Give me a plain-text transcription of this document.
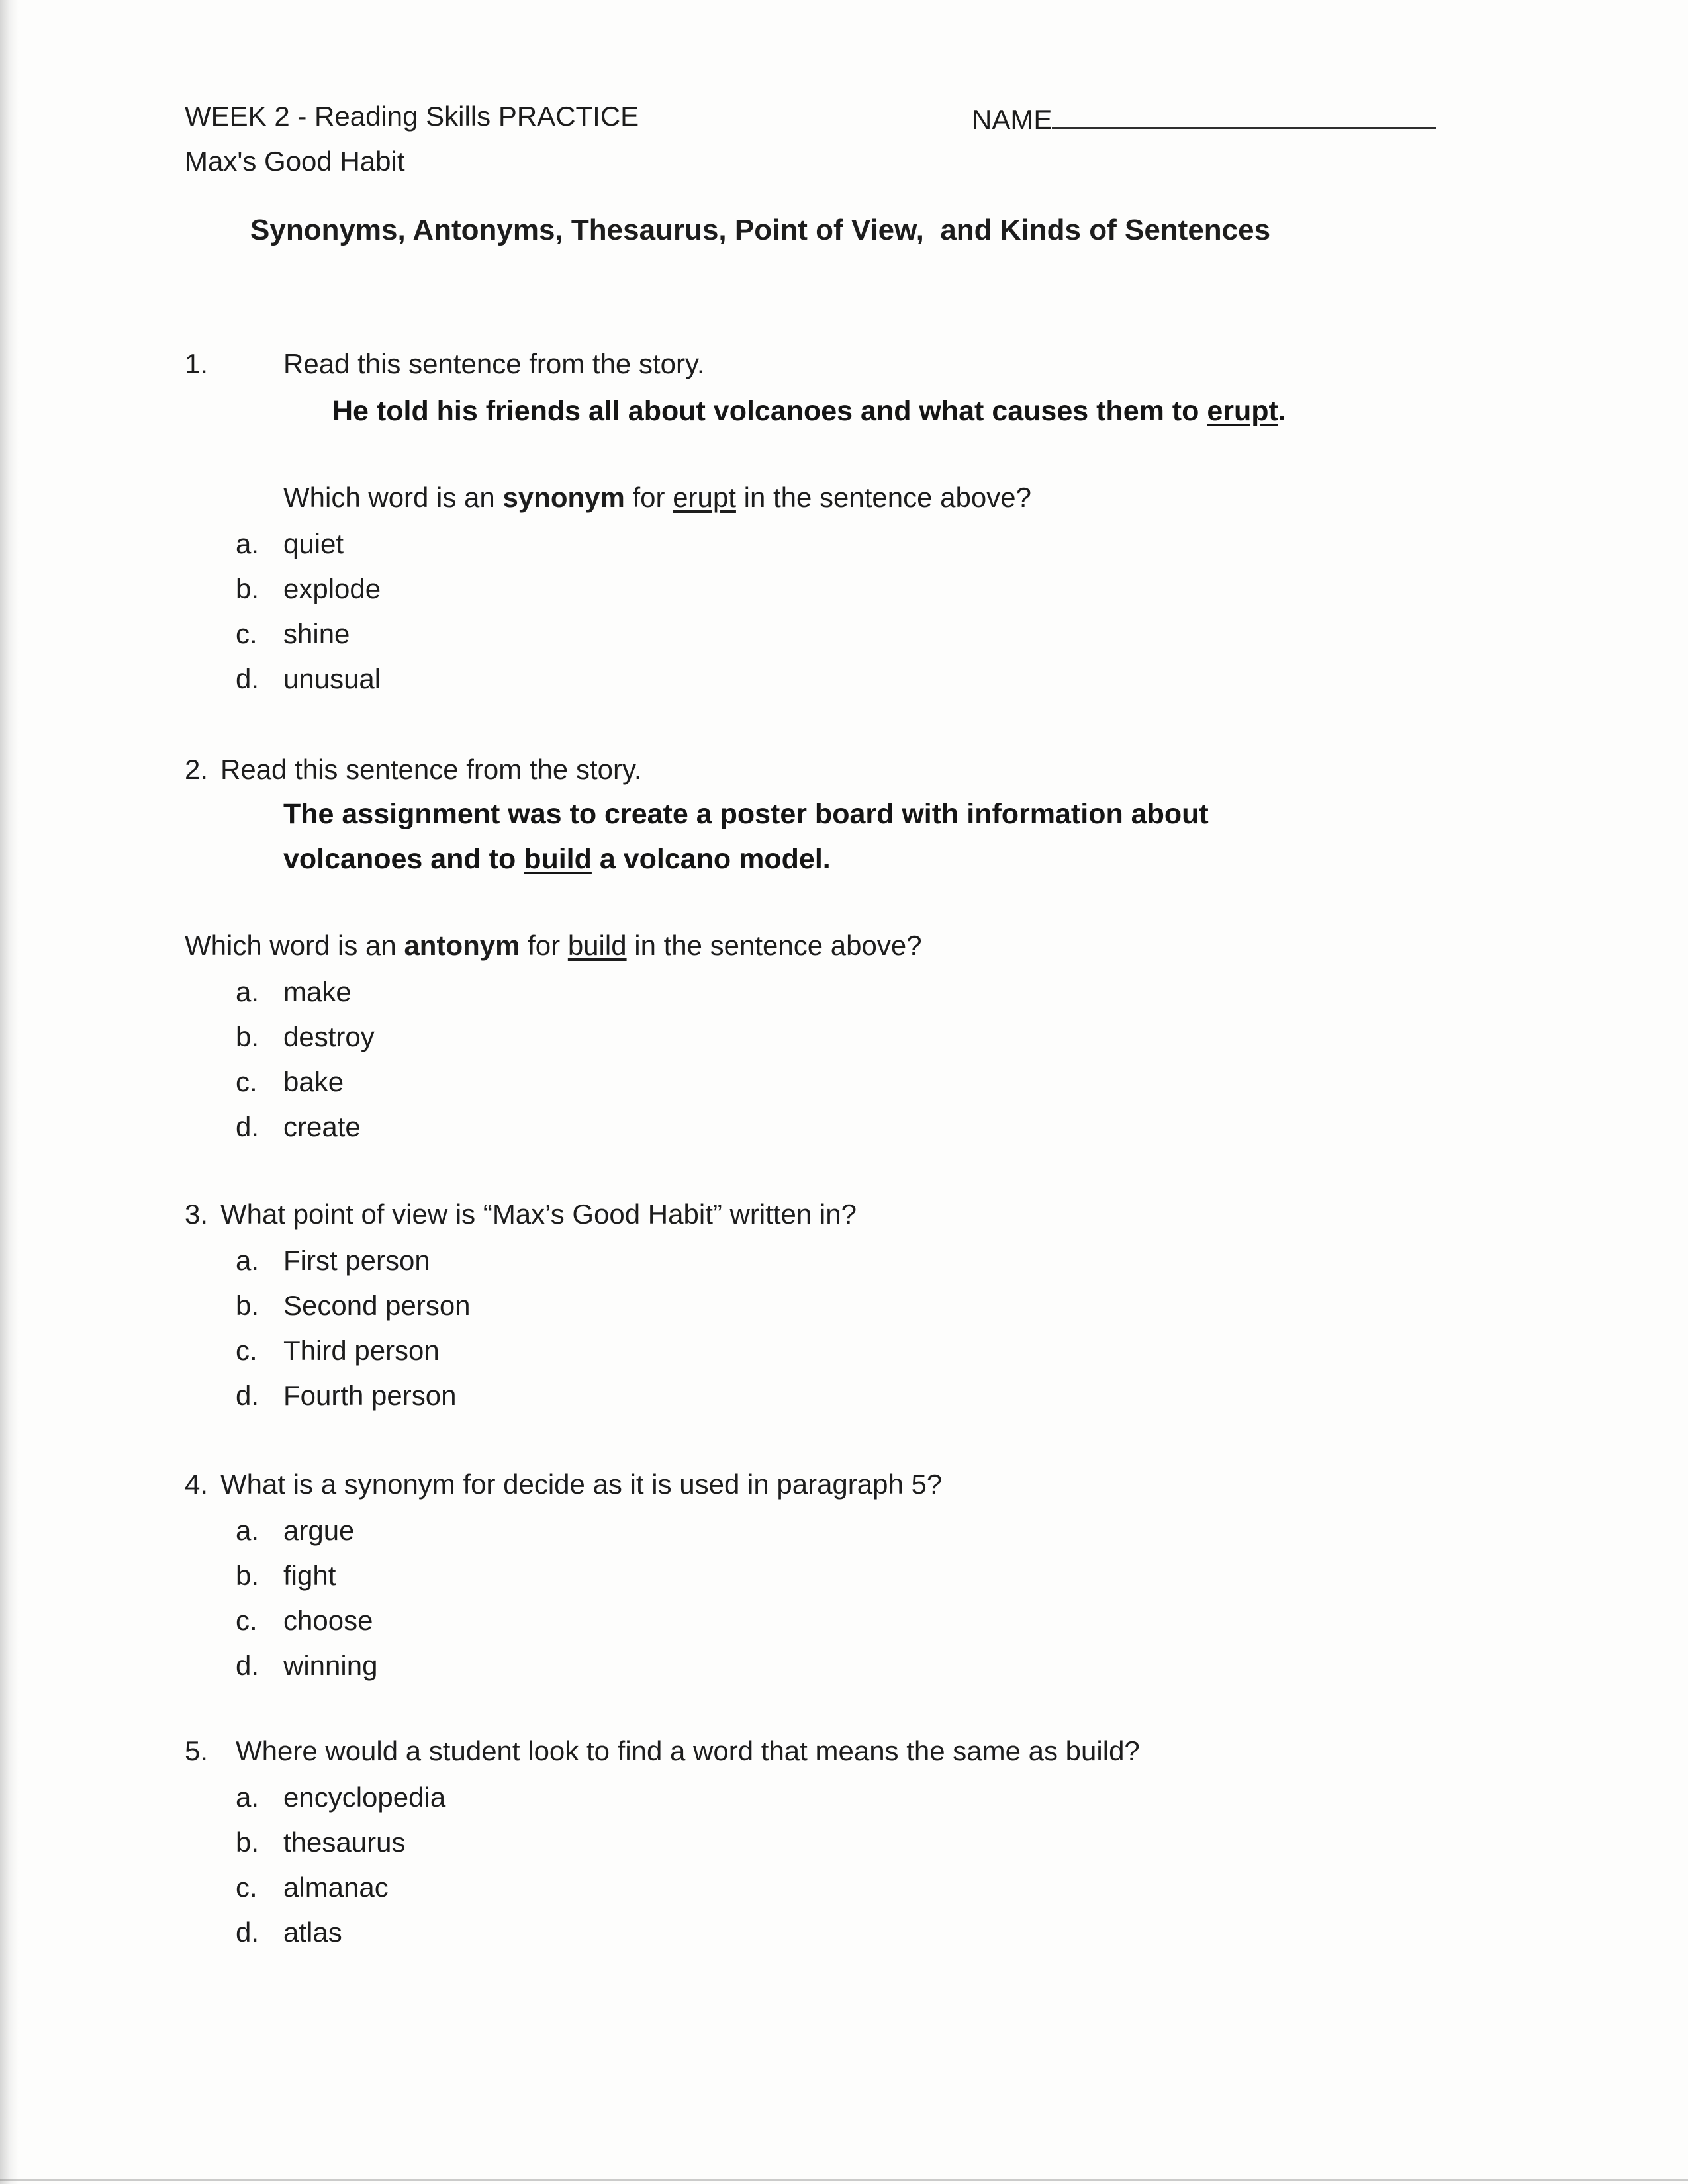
WEEK 2 - Reading Skills PRACTICE
Max's Good Habit
NAME
Synonyms, Antonyms, Thesaurus, Point of View,  and Kinds of Sentences
1.	Read this sentence from the story.
He told his friends all about volcanoes and what causes them to erupt.
Which word is an synonym for erupt in the sentence above?
a. quiet
b. explode
c. shine
d. unusual
2. Read this sentence from the story.
The assignment was to create a poster board with information about
volcanoes and to build a volcano model.
Which word is an antonym for build in the sentence above?
a. make
b. destroy
c. bake
d. create
3. What point of view is “Max’s Good Habit” written in?
a. First person
b. Second person
c. Third person
d. Fourth person
4. What is a synonym for decide as it is used in paragraph 5?
a. argue
b. fight
c. choose
d. winning
5. Where would a student look to find a word that means the same as build?
a. encyclopedia
b. thesaurus
c. almanac
d. atlas
